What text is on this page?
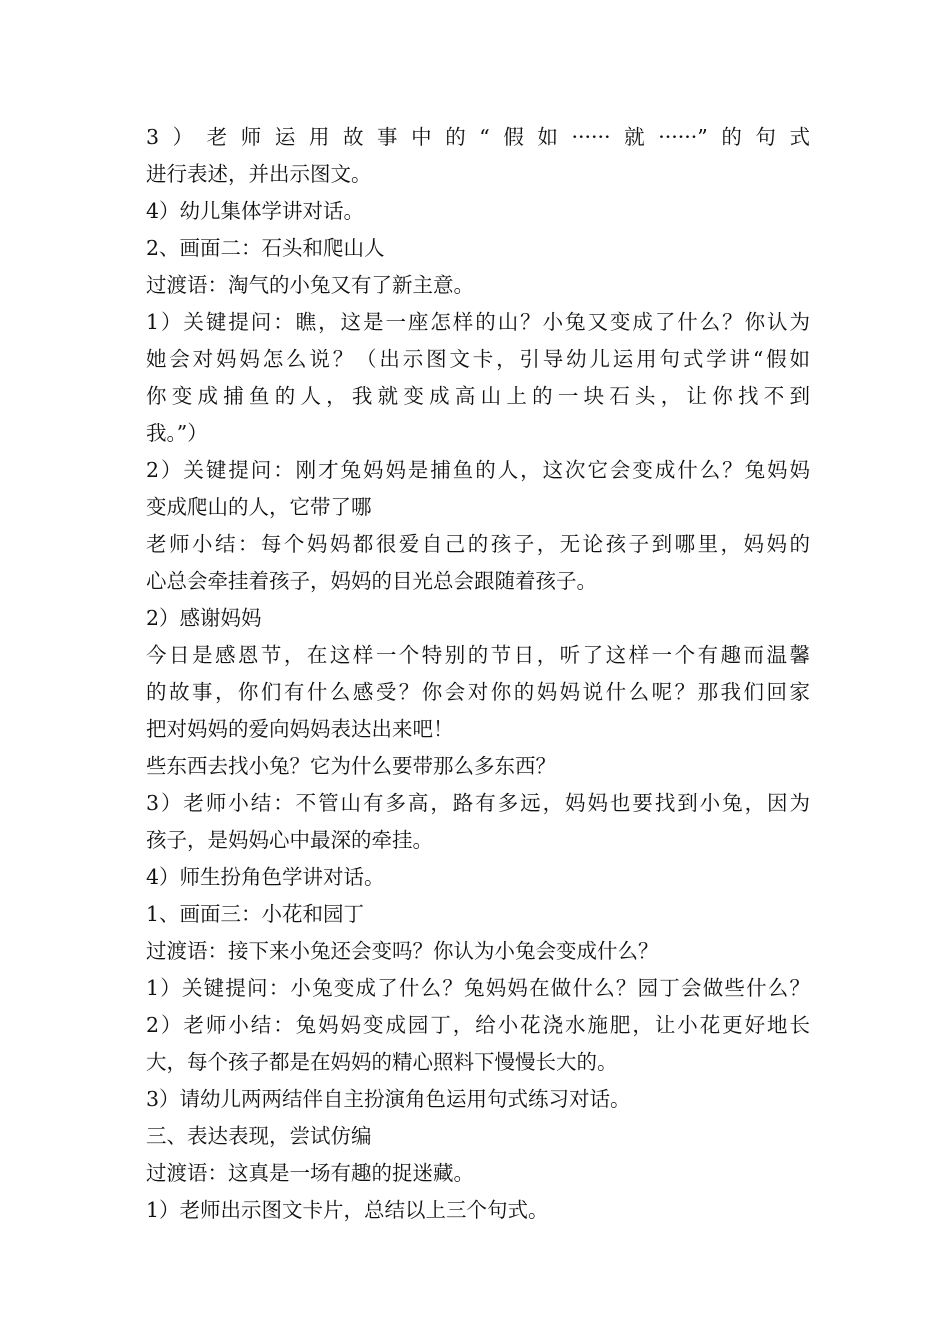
3）老师运用故事中的“假如······就······”的句式
进行表述，并出示图文。
4）幼儿集体学讲对话。
2、画面二：石头和爬山人
过渡语：淘气的小兔又有了新主意。
1）关键提问：瞧，这是一座怎样的山？小兔又变成了什么？你认为
她会对妈妈怎么说？（出示图文卡，引导幼儿运用句式学讲“假如
你变成捕鱼的人，我就变成高山上的一块石头，让你找不到
我。”）
2）关键提问：刚才兔妈妈是捕鱼的人，这次它会变成什么？兔妈妈
变成爬山的人，它带了哪
老师小结：每个妈妈都很爱自己的孩子，无论孩子到哪里，妈妈的
心总会牵挂着孩子，妈妈的目光总会跟随着孩子。
2）感谢妈妈
今日是感恩节，在这样一个特别的节日，听了这样一个有趣而温馨
的故事，你们有什么感受？你会对你的妈妈说什么呢？那我们回家
把对妈妈的爱向妈妈表达出来吧！
些东西去找小兔？它为什么要带那么多东西？
3）老师小结：不管山有多高，路有多远，妈妈也要找到小兔，因为
孩子，是妈妈心中最深的牵挂。
4）师生扮角色学讲对话。
1、画面三：小花和园丁
过渡语：接下来小兔还会变吗？你认为小兔会变成什么？
1）关键提问：小兔变成了什么？兔妈妈在做什么？园丁会做些什么？
2）老师小结：兔妈妈变成园丁，给小花浇水施肥，让小花更好地长
大，每个孩子都是在妈妈的精心照料下慢慢长大的。
3）请幼儿两两结伴自主扮演角色运用句式练习对话。
三、表达表现，尝试仿编
过渡语：这真是一场有趣的捉迷藏。
1）老师出示图文卡片，总结以上三个句式。
